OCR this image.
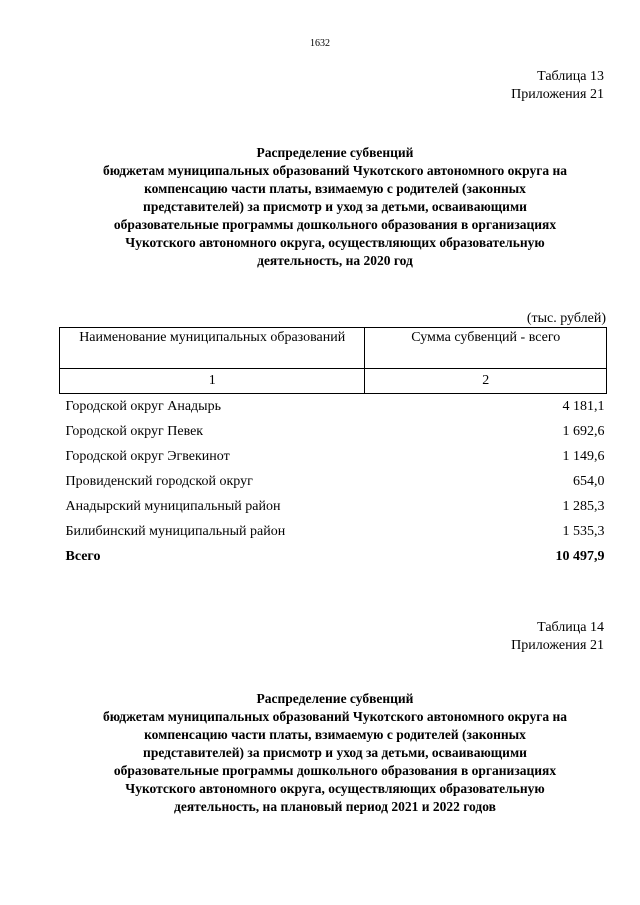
1632
Таблица 13
Приложения 21
Распределение субвенций
бюджетам муниципальных образований Чукотского автономного округа на
компенсацию части платы, взимаемую с родителей (законных
представителей) за присмотр и уход за детьми, осваивающими
образовательные программы дошкольного образования в организациях
Чукотского автономного округа, осуществляющих образовательную
деятельность, на 2020 год
(тыс. рублей)
Наименование муниципальных образований	Сумма субвенций - всего
1	2
Городской округ Анадырь	4 181,1
Городской округ Певек	1 692,6
Городской округ Эгвекинот	1 149,6
Провиденский городской округ	654,0
Анадырский муниципальный район	1 285,3
Билибинский муниципальный район	1 535,3
Всего	10 497,9
Таблица 14
Приложения 21
Распределение субвенций
бюджетам муниципальных образований Чукотского автономного округа на
компенсацию части платы, взимаемую с родителей (законных
представителей) за присмотр и уход за детьми, осваивающими
образовательные программы дошкольного образования в организациях
Чукотского автономного округа, осуществляющих образовательную
деятельность, на плановый период 2021 и 2022 годов
